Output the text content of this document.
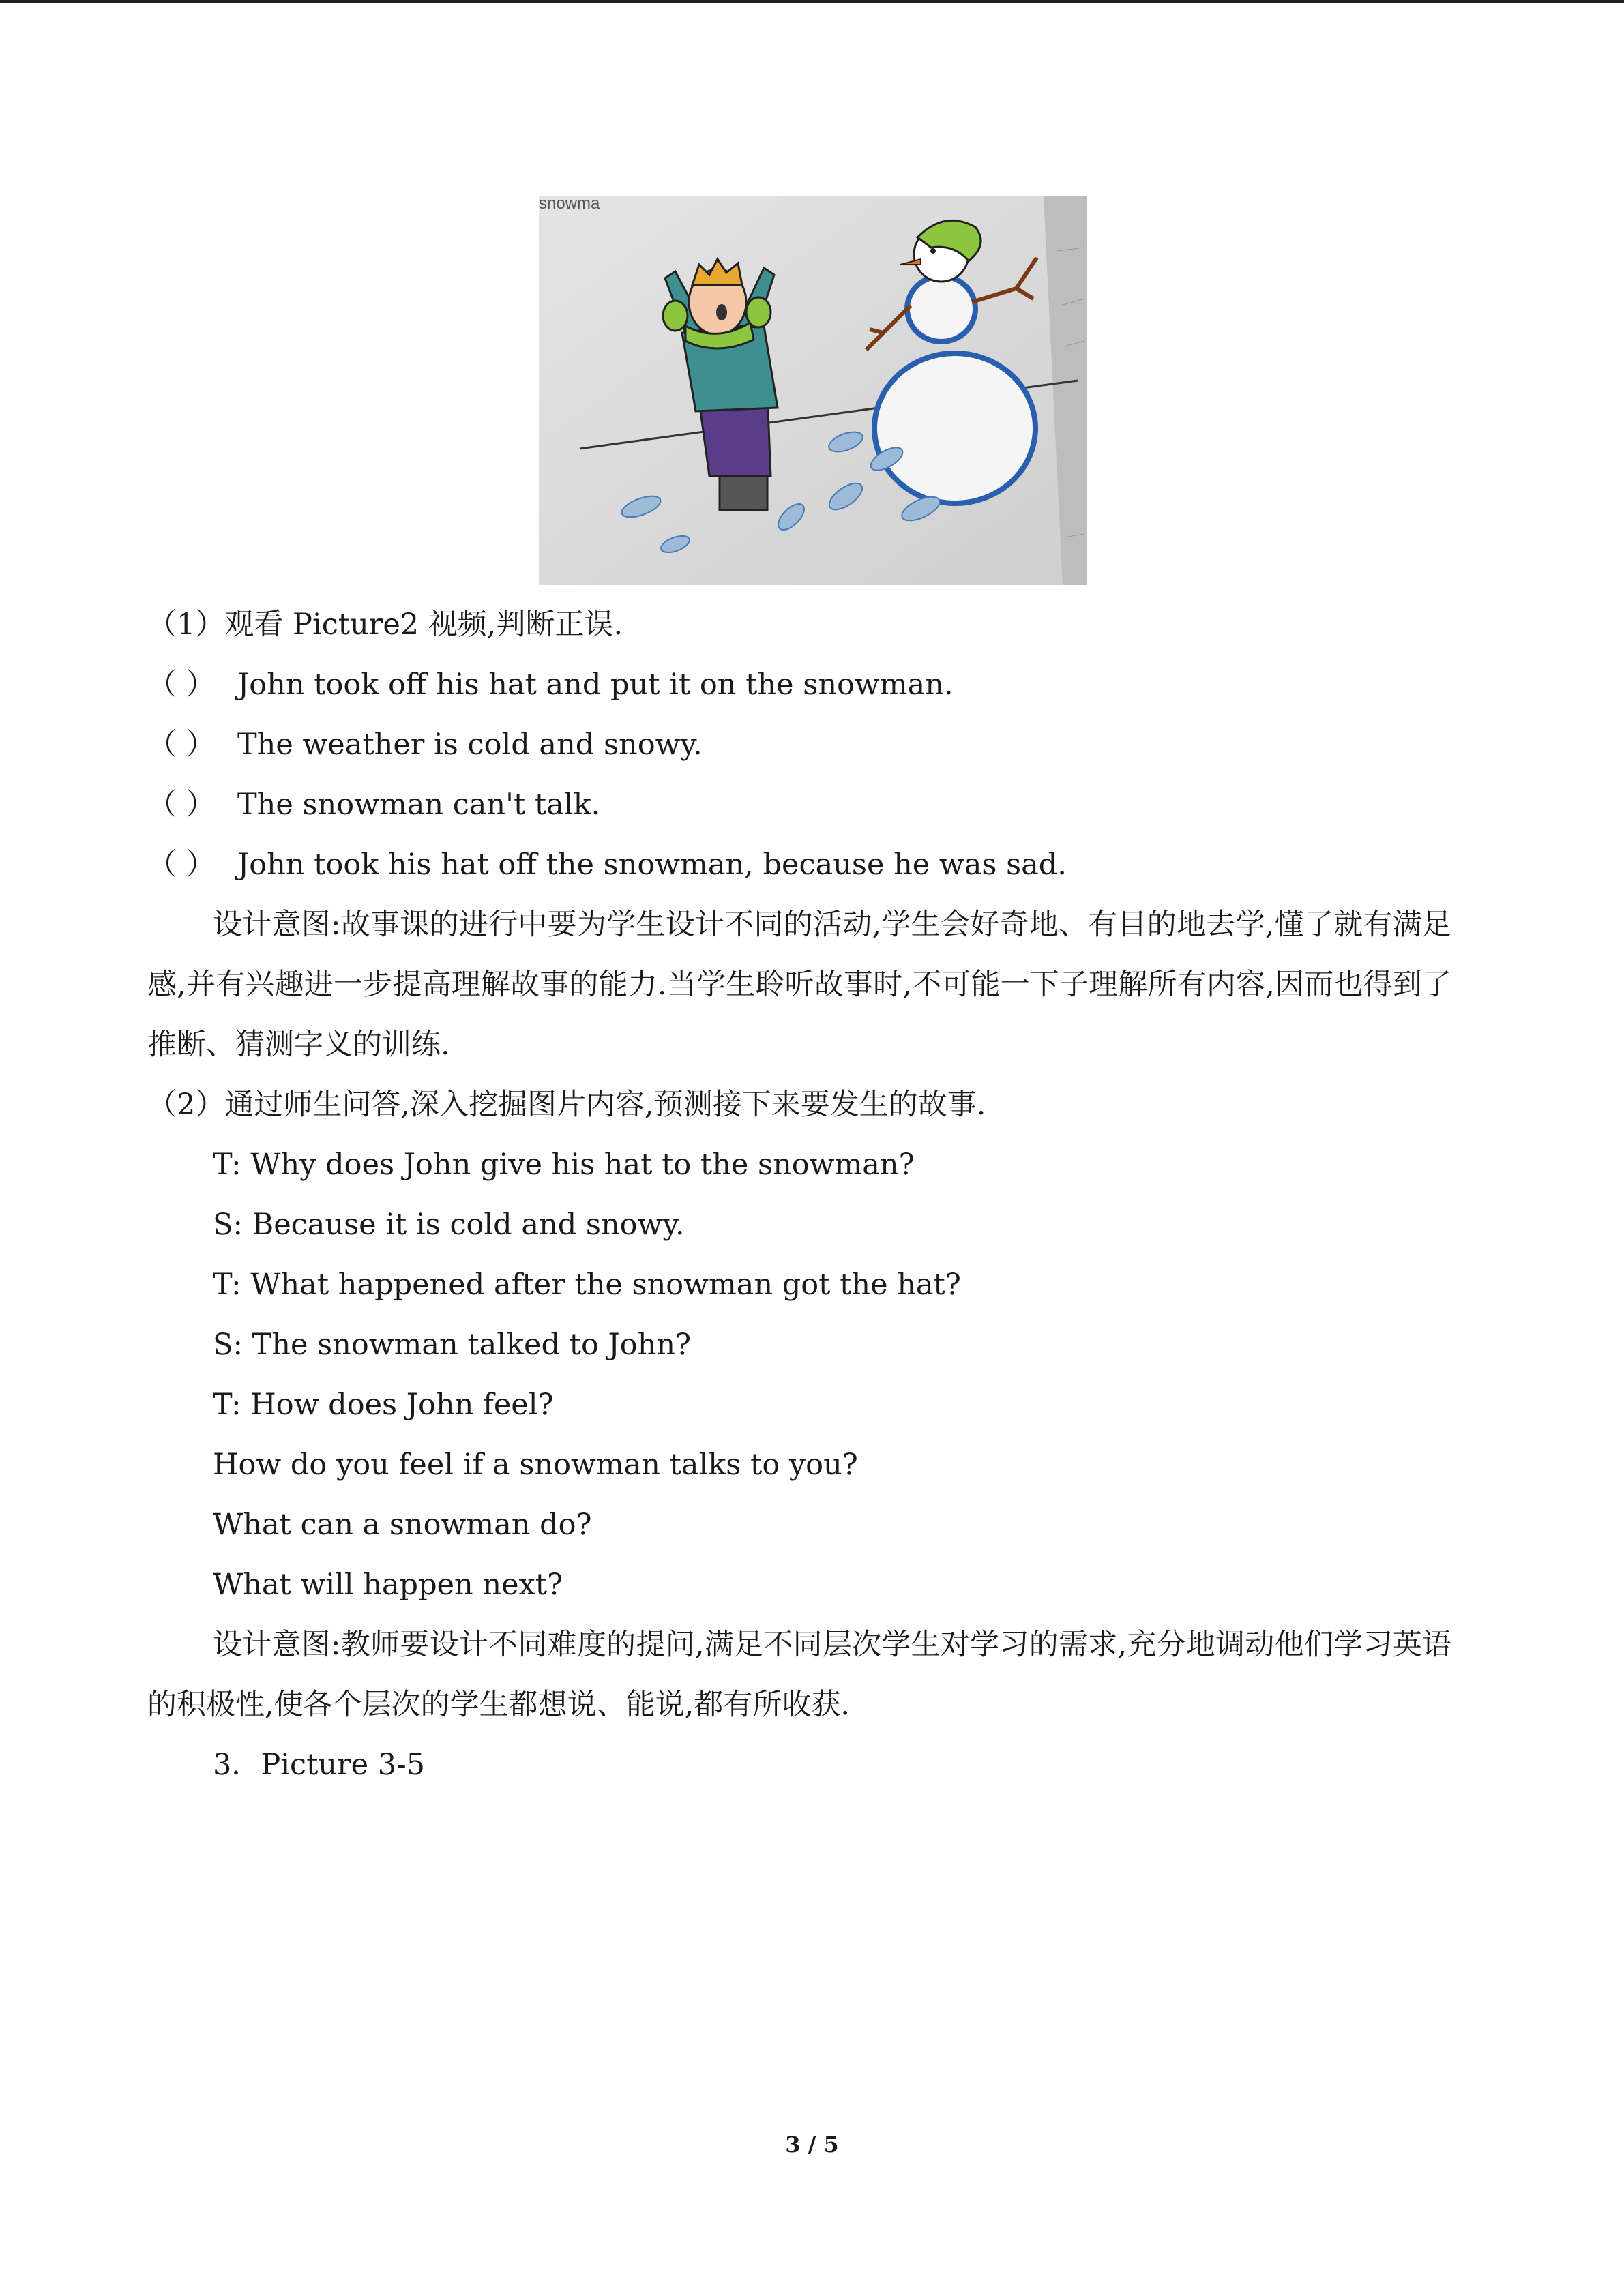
snowma
（1）观看 Picture2 视频,判断正误.
（ ） John took off his hat and put it on the snowman.
（ ） The weather is cold and snowy.
（ ） The snowman can't talk.
（ ） John took his hat off the snowman, because he was sad.
设计意图:故事课的进行中要为学生设计不同的活动,学生会好奇地、有目的地去学,懂了就有满足感,并有兴趣进一步提高理解故事的能力.当学生聆听故事时,不可能一下子理解所有内容,因而也得到了推断、猜测字义的训练.
（2）通过师生问答,深入挖掘图片内容,预测接下来要发生的故事.
T: Why does John give his hat to the snowman?
S: Because it is cold and snowy.
T: What happened after the snowman got the hat?
S: The snowman talked to John?
T: How does John feel?
How do you feel if a snowman talks to you?
What can a snowman do?
What will happen next?
设计意图:教师要设计不同难度的提问,满足不同层次学生对学习的需求,充分地调动他们学习英语的积极性,使各个层次的学生都想说、能说,都有所收获.
3．Picture 3-5
3 / 5
